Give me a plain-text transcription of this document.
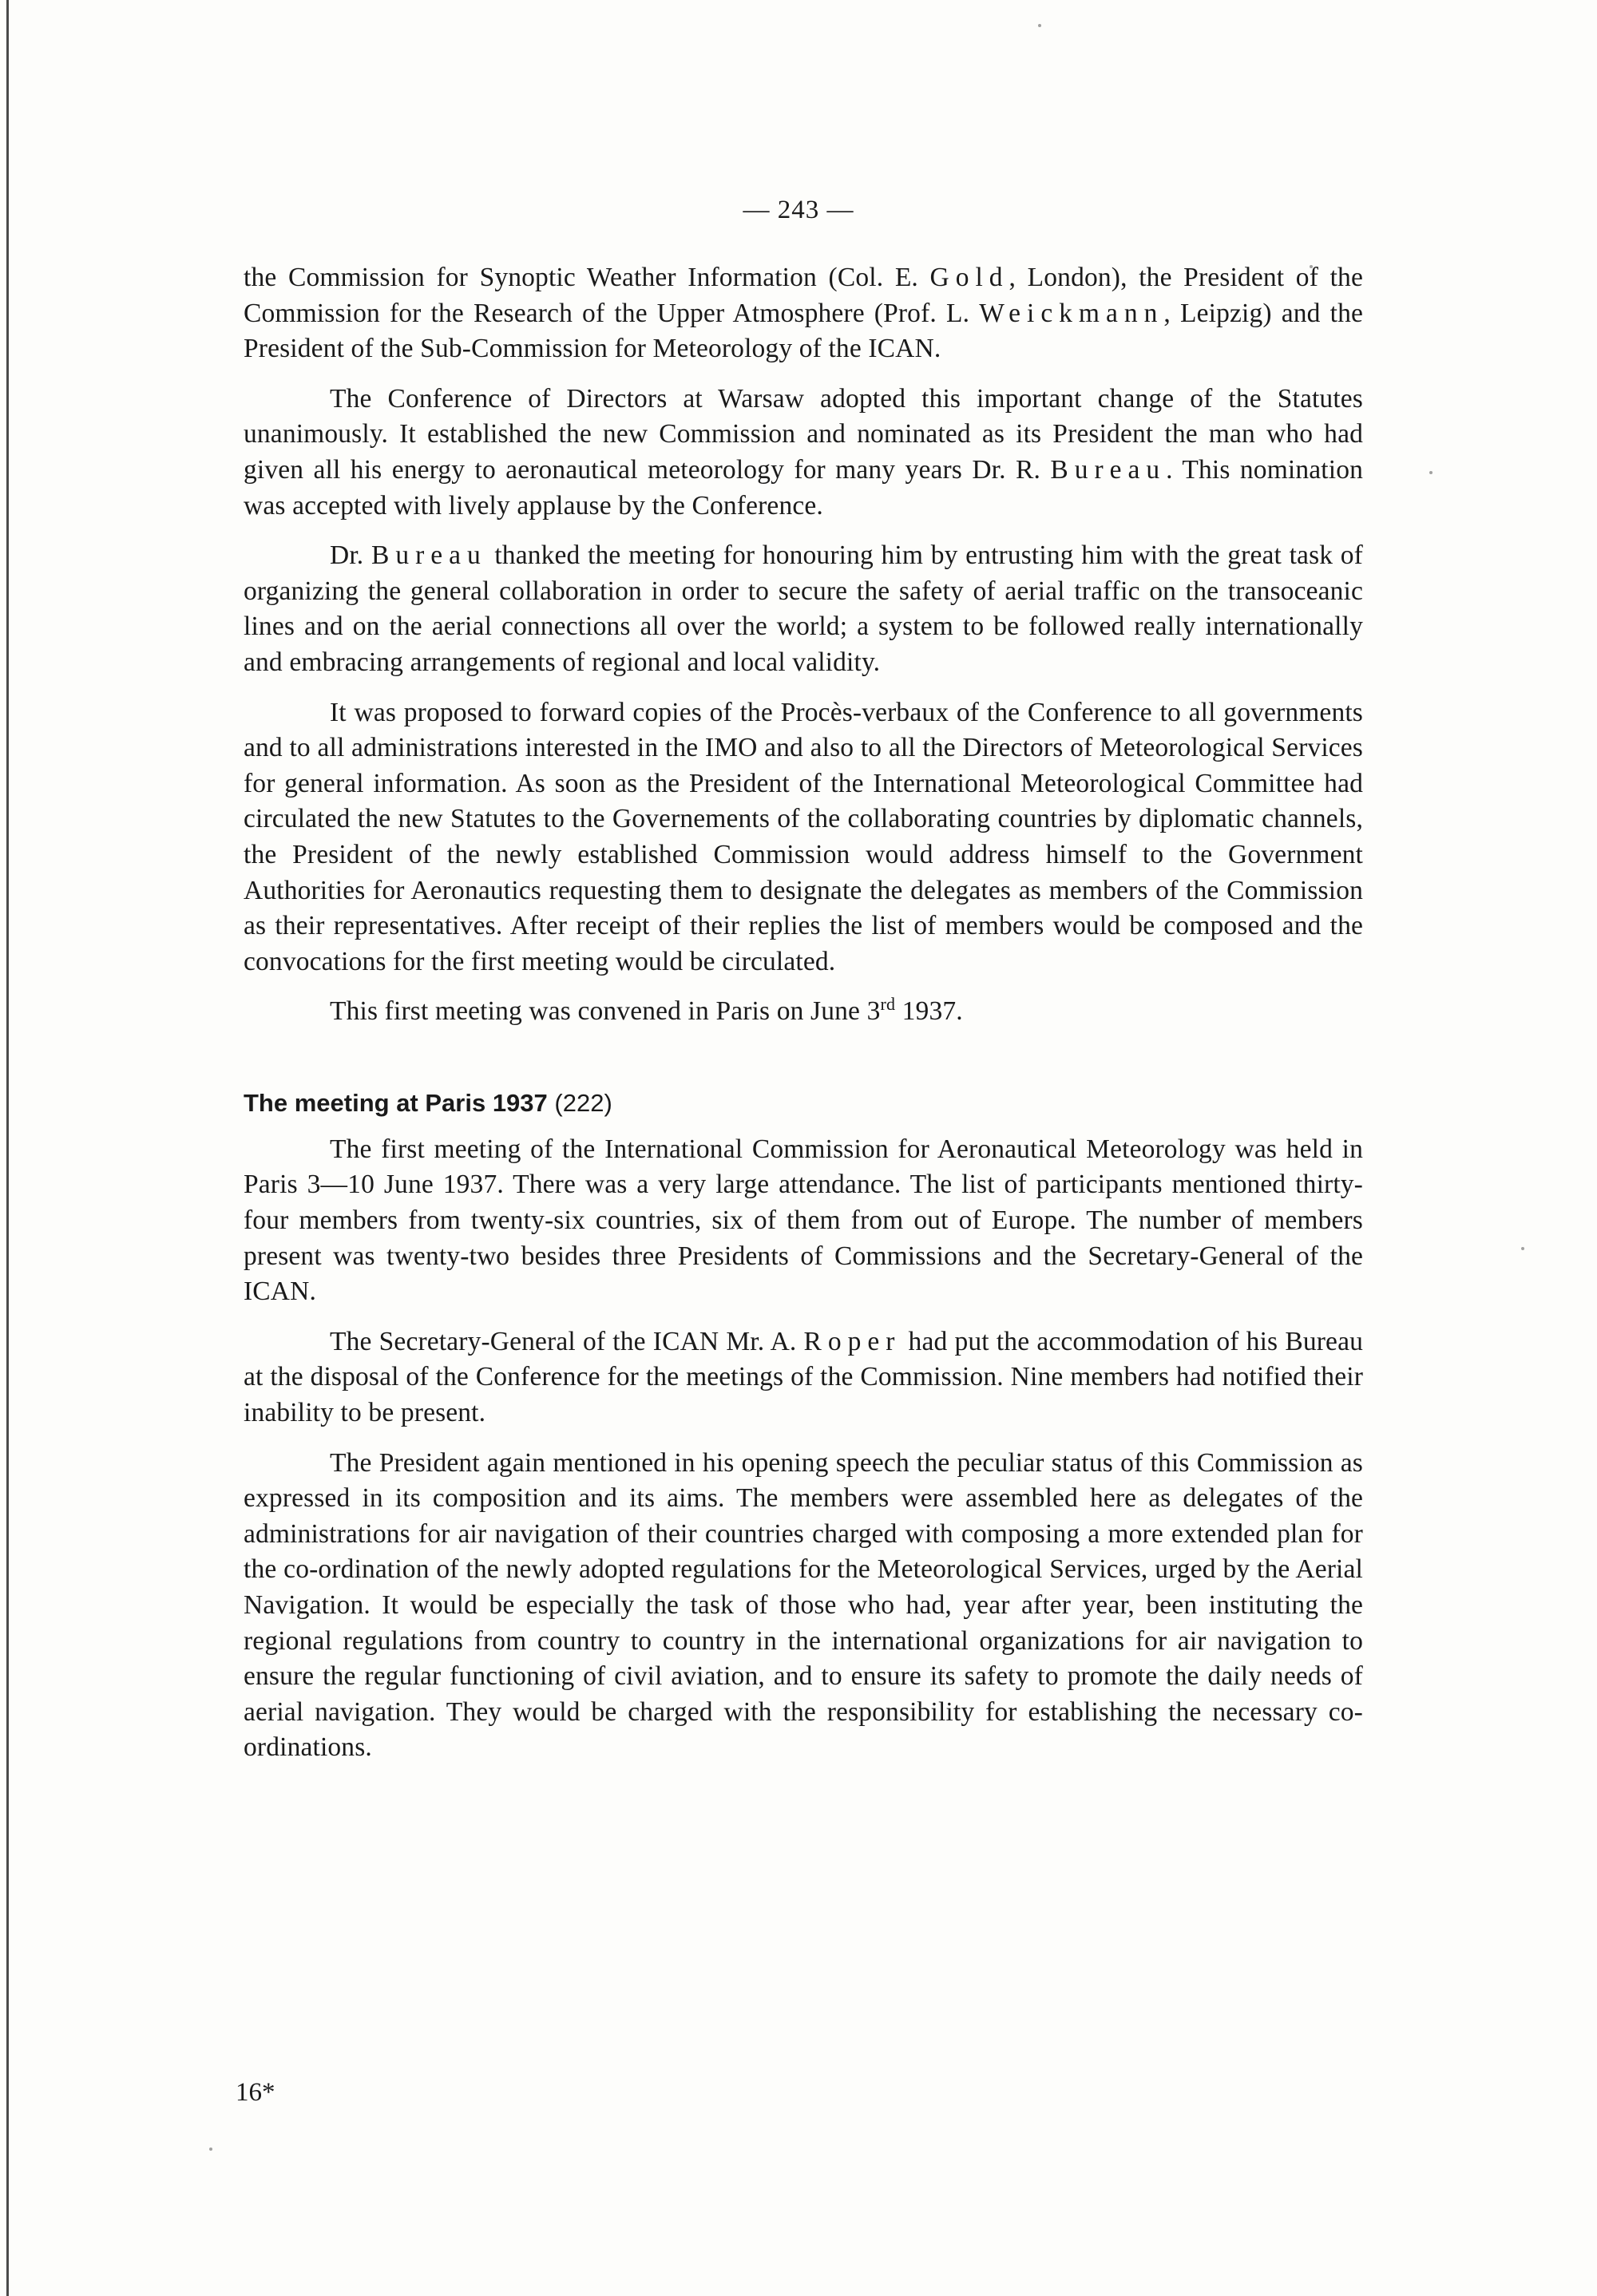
— 243 —

the Commission for Synoptic Weather Information (Col. E. Gold, London), the President of the Commission for the Research of the Upper Atmosphere (Prof. L. Weickmann, Leipzig) and the President of the Sub-Commission for Meteorology of the ICAN.

The Conference of Directors at Warsaw adopted this important change of the Statutes unanimously. It established the new Commission and nominated as its President the man who had given all his energy to aeronautical meteorology for many years Dr. R. Bureau. This nomination was accepted with lively applause by the Conference.

Dr. Bureau thanked the meeting for honouring him by entrusting him with the great task of organizing the general collaboration in order to secure the safety of aerial traffic on the transoceanic lines and on the aerial connections all over the world; a system to be followed really internationally and embracing arrangements of regional and local validity.

It was proposed to forward copies of the Procès-verbaux of the Conference to all governments and to all administrations interested in the IMO and also to all the Directors of Meteorological Services for general information. As soon as the President of the International Meteorological Committee had circulated the new Statutes to the Governements of the collaborating countries by diplomatic channels, the President of the newly established Commission would address himself to the Government Authorities for Aeronautics requesting them to designate the delegates as members of the Commission as their representatives. After receipt of their replies the list of members would be composed and the convocations for the first meeting would be circulated.

This first meeting was convened in Paris on June 3rd 1937.

The meeting at Paris 1937 (222)

The first meeting of the International Commission for Aeronautical Meteorology was held in Paris 3—10 June 1937. There was a very large attendance. The list of participants mentioned thirty-four members from twenty-six countries, six of them from out of Europe. The number of members present was twenty-two besides three Presidents of Commissions and the Secretary-General of the ICAN.

The Secretary-General of the ICAN Mr. A. Roper had put the accommodation of his Bureau at the disposal of the Conference for the meetings of the Commission. Nine members had notified their inability to be present.

The President again mentioned in his opening speech the peculiar status of this Commission as expressed in its composition and its aims. The members were assembled here as delegates of the administrations for air navigation of their countries charged with composing a more extended plan for the co-ordination of the newly adopted regulations for the Meteorological Services, urged by the Aerial Navigation. It would be especially the task of those who had, year after year, been instituting the regional regulations from country to country in the international organizations for air navigation to ensure the regular functioning of civil aviation, and to ensure its safety to promote the daily needs of aerial navigation. They would be charged with the responsibility for establishing the necessary co-ordinations.

16*
